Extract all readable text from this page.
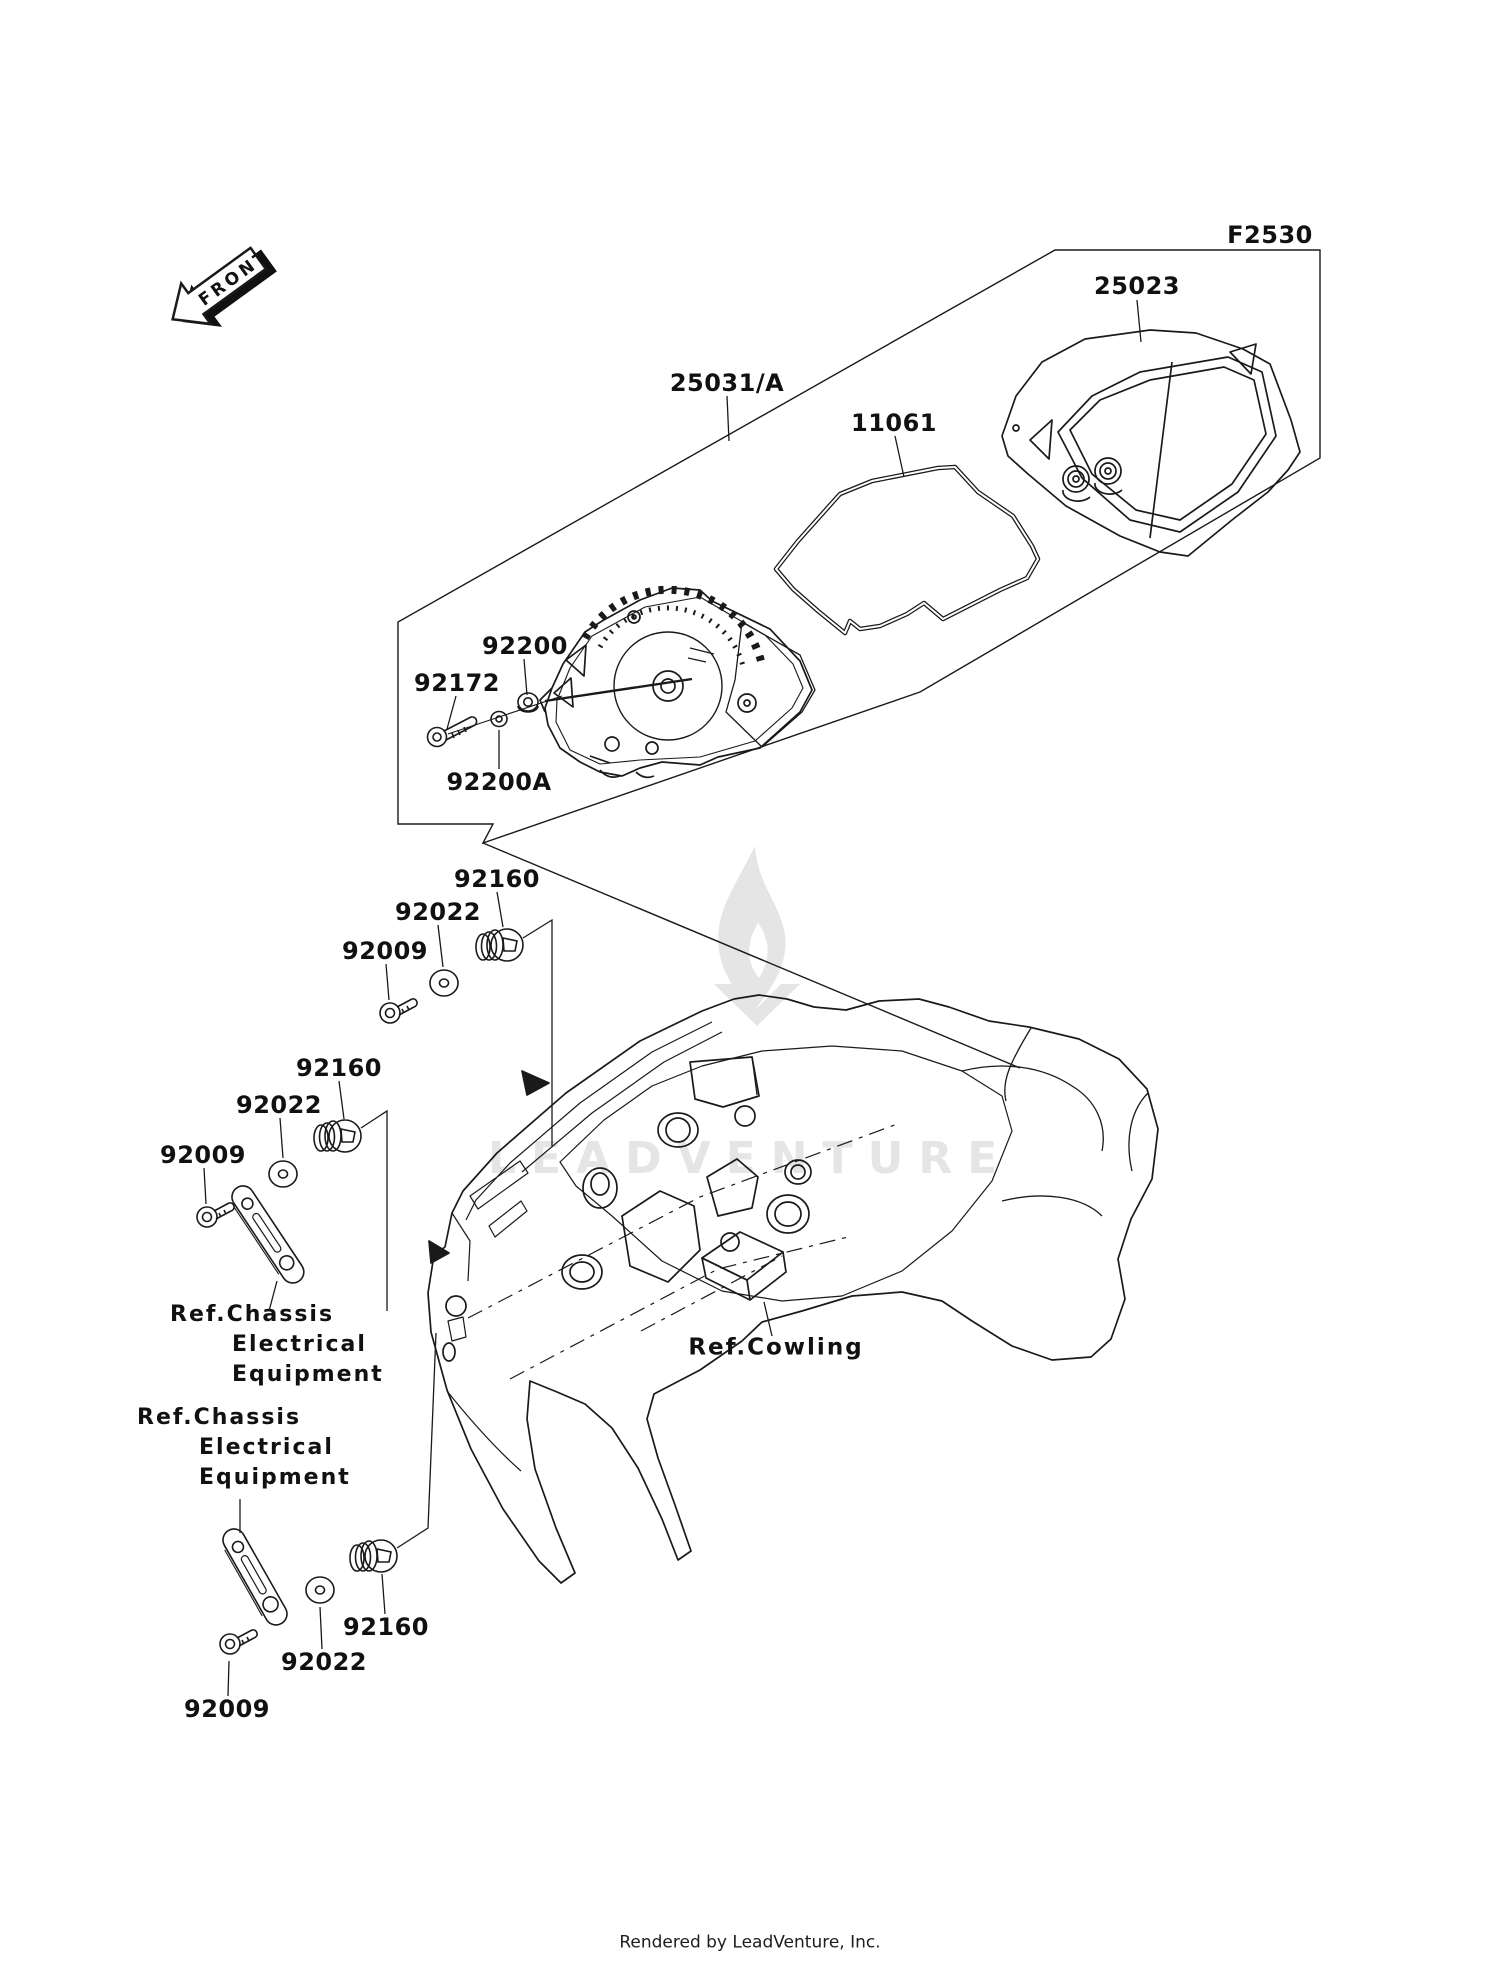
LEADVENTURE
FRONT
F2530
25023
25031/A
11061
92200
92172
92200A
92160
92022
92009
92160
92022
92009
Ref.Chassis
Electrical
Equipment
Ref.Chassis
Electrical
Equipment
92160
92022
92009
Ref.Cowling
Rendered by LeadVenture, Inc.
